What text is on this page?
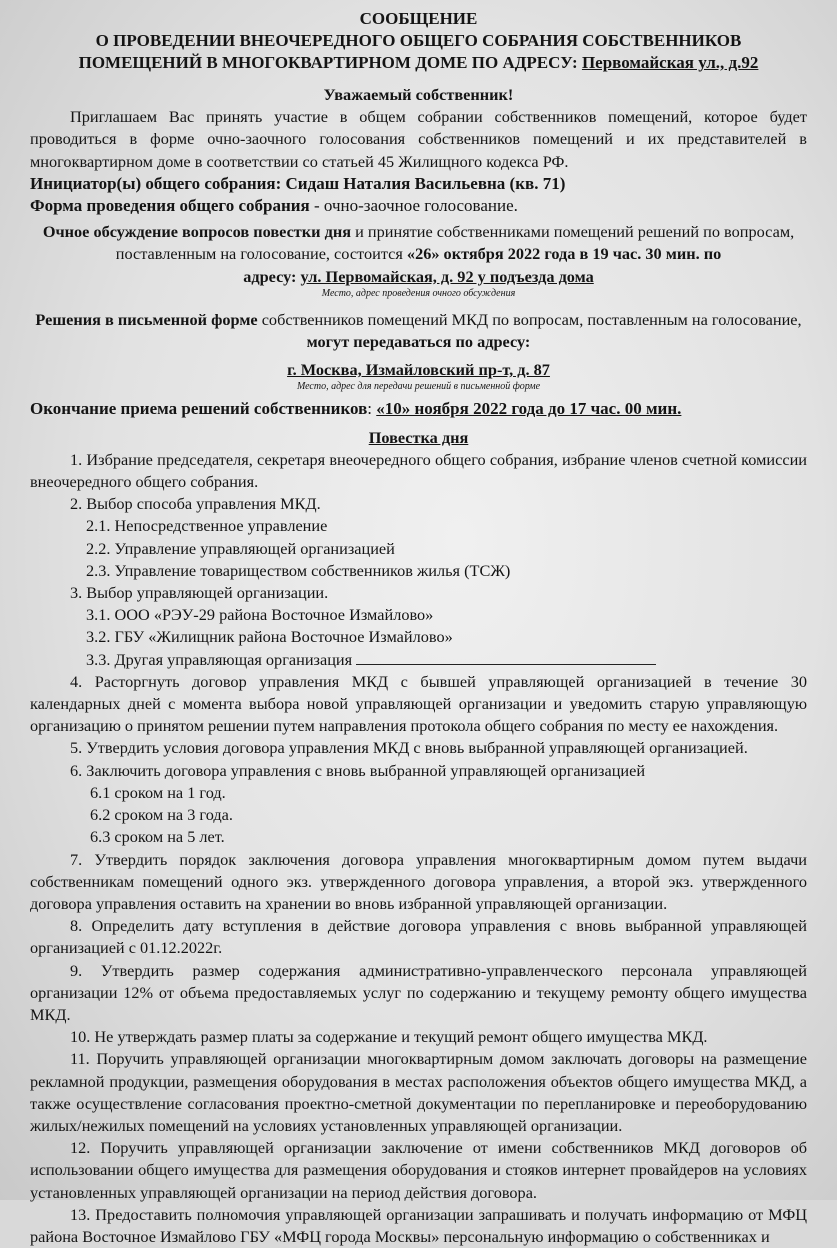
СООБЩЕНИЕ
О ПРОВЕДЕНИИ ВНЕОЧЕРЕДНОГО ОБЩЕГО СОБРАНИЯ СОБСТВЕННИКОВ
ПОМЕЩЕНИЙ В МНОГОКВАРТИРНОМ ДОМЕ ПО АДРЕСУ: Первомайская ул., д.92
Уважаемый собственник!
Приглашаем Вас принять участие в общем собрании собственников помещений, которое будет проводиться в форме очно-заочного голосования собственников помещений и их представителей в многоквартирном доме в соответствии со статьей 45 Жилищного кодекса РФ.
Инициатор(ы) общего собрания: Сидаш Наталия Васильевна (кв. 71)
Форма проведения общего собрания - очно-заочное голосование.
Очное обсуждение вопросов повестки дня и принятие собственниками помещений решений по вопросам, поставленным на голосование, состоится «26» октября 2022 года в 19 час. 30 мин. по
адресу: ул. Первомайская, д. 92 у подъезда дома
Место, адрес проведения очного обсуждения
Решения в письменной форме собственников помещений МКД по вопросам, поставленным на голосование, могут передаваться по адресу:
г. Москва, Измайловский пр-т, д. 87
Место, адрес для передачи решений в письменной форме
Окончание приема решений собственников: «10» ноября 2022 года до 17 час. 00 мин.
Повестка дня
1. Избрание председателя, секретаря внеочередного общего собрания, избрание членов счетной комиссии внеочередного общего собрания.
2. Выбор способа управления МКД.
2.1. Непосредственное управление
2.2. Управление управляющей организацией
2.3. Управление товариществом собственников жилья (ТСЖ)
3. Выбор управляющей организации.
3.1. ООО «РЭУ-29 района Восточное Измайлово»
3.2. ГБУ «Жилищник района Восточное Измайлово»
3.3. Другая управляющая организация
4. Расторгнуть договор управления МКД с бывшей управляющей организацией в течение 30 календарных дней с момента выбора новой управляющей организации и уведомить старую управляющую организацию о принятом решении путем направления протокола общего собрания по месту ее нахождения.
5. Утвердить условия договора управления МКД с вновь выбранной управляющей организацией.
6. Заключить договора управления с вновь выбранной управляющей организацией
6.1 сроком на 1 год.
6.2 сроком на 3 года.
6.3 сроком на 5 лет.
7. Утвердить порядок заключения договора управления многоквартирным домом путем выдачи собственникам помещений одного экз. утвержденного договора управления, а второй экз. утвержденного договора управления оставить на хранении во вновь избранной управляющей организации.
8. Определить дату вступления в действие договора управления с вновь выбранной управляющей организацией с 01.12.2022г.
9. Утвердить размер содержания административно-управленческого персонала управляющей организации 12% от объема предоставляемых услуг по содержанию и текущему ремонту общего имущества МКД.
10. Не утверждать размер платы за содержание и текущий ремонт общего имущества МКД.
11. Поручить управляющей организации многоквартирным домом заключать договоры на размещение рекламной продукции, размещения оборудования в местах расположения объектов общего имущества МКД, а также осуществление согласования проектно-сметной документации по перепланировке и переоборудованию жилых/нежилых помещений на условиях установленных управляющей организации.
12. Поручить управляющей организации заключение от имени собственников МКД договоров об использовании общего имущества для размещения оборудования и стояков интернет провайдеров на условиях установленных управляющей организации на период действия договора.
13. Предоставить полномочия управляющей организации запрашивать и получать информацию от МФЦ района Восточное Измайлово ГБУ «МФЦ города Москвы» персональную информацию о собственниках и
